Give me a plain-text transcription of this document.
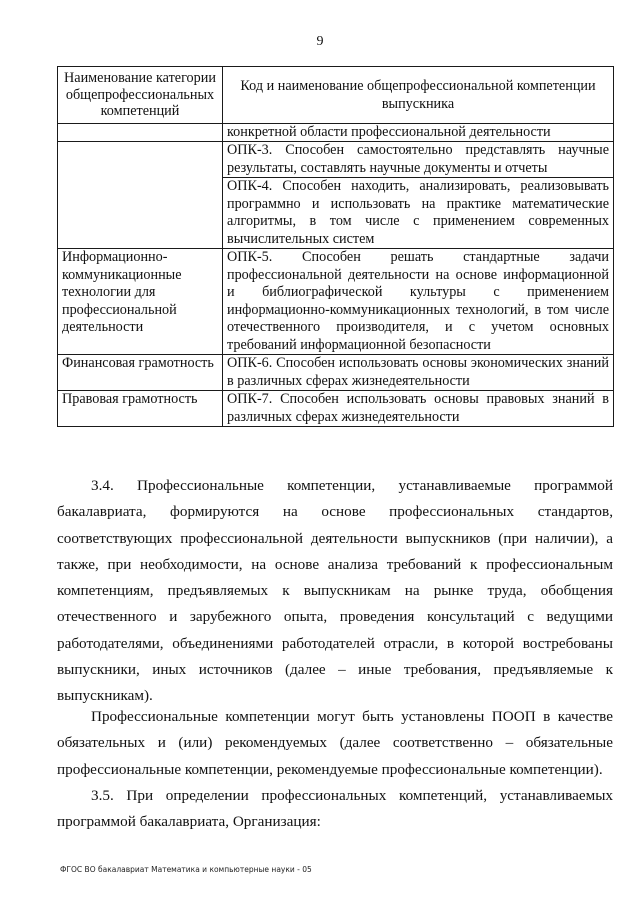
9
Наименование категории общепрофессиональных компетенций	Код и наименование общепрофессиональной компетенции выпускника
	конкретной области профессиональной деятельности
	ОПК-3. Способен самостоятельно представлять научные результаты, составлять научные документы и отчеты
	ОПК-4. Способен находить, анализировать, реализовывать программно и использовать на практике математические алгоритмы, в том числе с применением современных вычислительных систем
Информационно-коммуникационные технологии для профессиональной деятельности	ОПК-5. Способен решать стандартные задачи профессиональной деятельности на основе информационной и библиографической культуры с применением информационно-коммуникационных технологий, в том числе отечественного производителя, и с учетом основных требований информационной безопасности
Финансовая грамотность	ОПК-6. Способен использовать основы экономических знаний в различных сферах жизнедеятельности
Правовая грамотность	ОПК-7. Способен использовать основы правовых знаний в различных сферах жизнедеятельности

3.4. Профессиональные компетенции, устанавливаемые программой бакалавриата, формируются на основе профессиональных стандартов, соответствующих профессиональной деятельности выпускников (при наличии), а также, при необходимости, на основе анализа требований к профессиональным компетенциям, предъявляемых к выпускникам на рынке труда, обобщения отечественного и зарубежного опыта, проведения консультаций с ведущими работодателями, объединениями работодателей отрасли, в которой востребованы выпускники, иных источников (далее – иные требования, предъявляемые к выпускникам).

Профессиональные компетенции могут быть установлены ПООП в качестве обязательных и (или) рекомендуемых (далее соответственно – обязательные профессиональные компетенции, рекомендуемые профессиональные компетенции).

3.5. При определении профессиональных компетенций, устанавливаемых программой бакалавриата, Организация:

ФГОС ВО бакалавриат Математика и компьютерные науки - 05
